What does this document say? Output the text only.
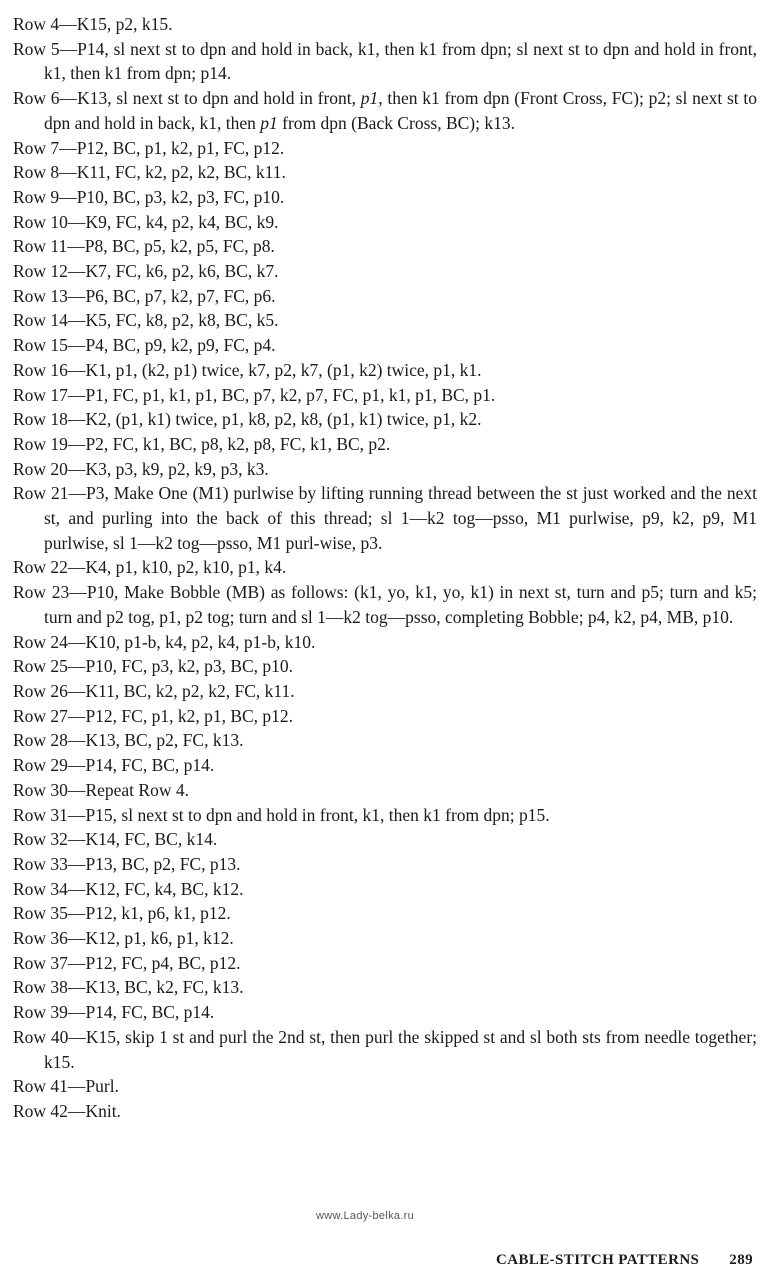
Row 4—K15, p2, k15.
Row 5—P14, sl next st to dpn and hold in back, k1, then k1 from dpn; sl next st to dpn and hold in front, k1, then k1 from dpn; p14.
Row 6—K13, sl next st to dpn and hold in front, p1, then k1 from dpn (Front Cross, FC); p2; sl next st to dpn and hold in back, k1, then p1 from dpn (Back Cross, BC); k13.
Row 7—P12, BC, p1, k2, p1, FC, p12.
Row 8—K11, FC, k2, p2, k2, BC, k11.
Row 9—P10, BC, p3, k2, p3, FC, p10.
Row 10—K9, FC, k4, p2, k4, BC, k9.
Row 11—P8, BC, p5, k2, p5, FC, p8.
Row 12—K7, FC, k6, p2, k6, BC, k7.
Row 13—P6, BC, p7, k2, p7, FC, p6.
Row 14—K5, FC, k8, p2, k8, BC, k5.
Row 15—P4, BC, p9, k2, p9, FC, p4.
Row 16—K1, p1, (k2, p1) twice, k7, p2, k7, (p1, k2) twice, p1, k1.
Row 17—P1, FC, p1, k1, p1, BC, p7, k2, p7, FC, p1, k1, p1, BC, p1.
Row 18—K2, (p1, k1) twice, p1, k8, p2, k8, (p1, k1) twice, p1, k2.
Row 19—P2, FC, k1, BC, p8, k2, p8, FC, k1, BC, p2.
Row 20—K3, p3, k9, p2, k9, p3, k3.
Row 21—P3, Make One (M1) purlwise by lifting running thread between the st just worked and the next st, and purling into the back of this thread; sl 1—k2 tog—psso, M1 purlwise, p9, k2, p9, M1 purlwise, sl 1—k2 tog—psso, M1 purl-wise, p3.
Row 22—K4, p1, k10, p2, k10, p1, k4.
Row 23—P10, Make Bobble (MB) as follows: (k1, yo, k1, yo, k1) in next st, turn and p5; turn and k5; turn and p2 tog, p1, p2 tog; turn and sl 1—k2 tog—psso, completing Bobble; p4, k2, p4, MB, p10.
Row 24—K10, p1-b, k4, p2, k4, p1-b, k10.
Row 25—P10, FC, p3, k2, p3, BC, p10.
Row 26—K11, BC, k2, p2, k2, FC, k11.
Row 27—P12, FC, p1, k2, p1, BC, p12.
Row 28—K13, BC, p2, FC, k13.
Row 29—P14, FC, BC, p14.
Row 30—Repeat Row 4.
Row 31—P15, sl next st to dpn and hold in front, k1, then k1 from dpn; p15.
Row 32—K14, FC, BC, k14.
Row 33—P13, BC, p2, FC, p13.
Row 34—K12, FC, k4, BC, k12.
Row 35—P12, k1, p6, k1, p12.
Row 36—K12, p1, k6, p1, k12.
Row 37—P12, FC, p4, BC, p12.
Row 38—K13, BC, k2, FC, k13.
Row 39—P14, FC, BC, p14.
Row 40—K15, skip 1 st and purl the 2nd st, then purl the skipped st and sl both sts from needle together; k15.
Row 41—Purl.
Row 42—Knit.
www.Lady-belka.ru
CABLE-STITCH PATTERNS 289
